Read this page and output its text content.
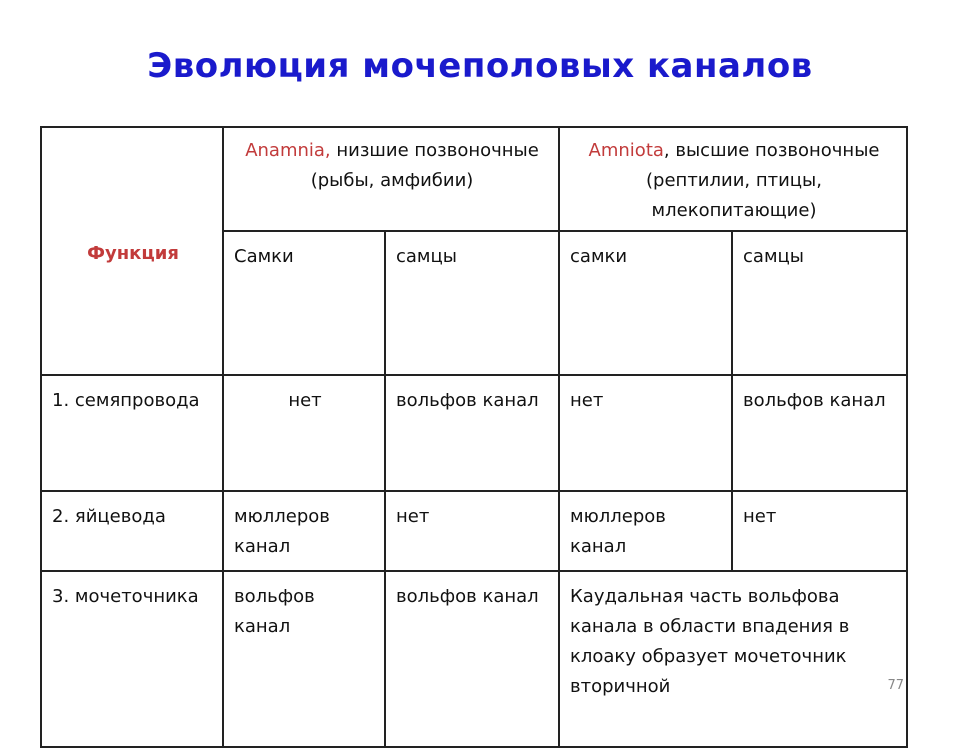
Эволюция мочеполовых каналов
Функция	Anamnia, низшие позвоночные (рыбы, амфибии)		Amniota, высшие позвоночные (рептилии, птицы, млекопитающие)	
	Самки	самцы	самки	самцы
1. семяпровода	нет	вольфов канал	нет	вольфов канал
2. яйцевода	мюллеров канал	нет	мюллеров канал	нет
3. мочеточника	вольфов канал	вольфов канал	Каудальная часть вольфова канала в области впадения в клоаку образует мочеточник вторичной		77
